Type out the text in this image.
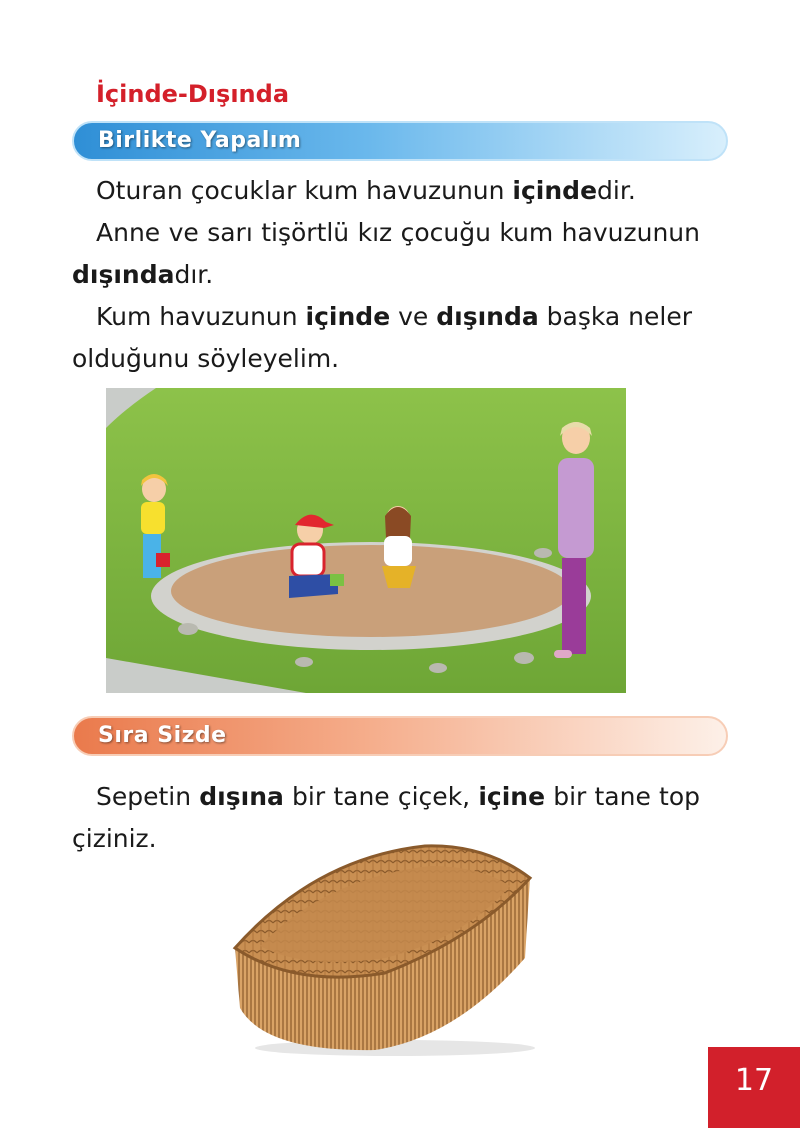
İçinde-Dışında
Birlikte Yapalım

Oturan çocuklar kum havuzunun içindedir.

Anne ve sarı tişörtlü kız çocuğu kum havuzunun
dışındadır.

Kum havuzunun içinde ve dışında başka neler
olduğunu söyleyelim.

Sıra Sizde

Sepetin dışına bir tane çiçek, içine bir tane top
çiziniz.

17
